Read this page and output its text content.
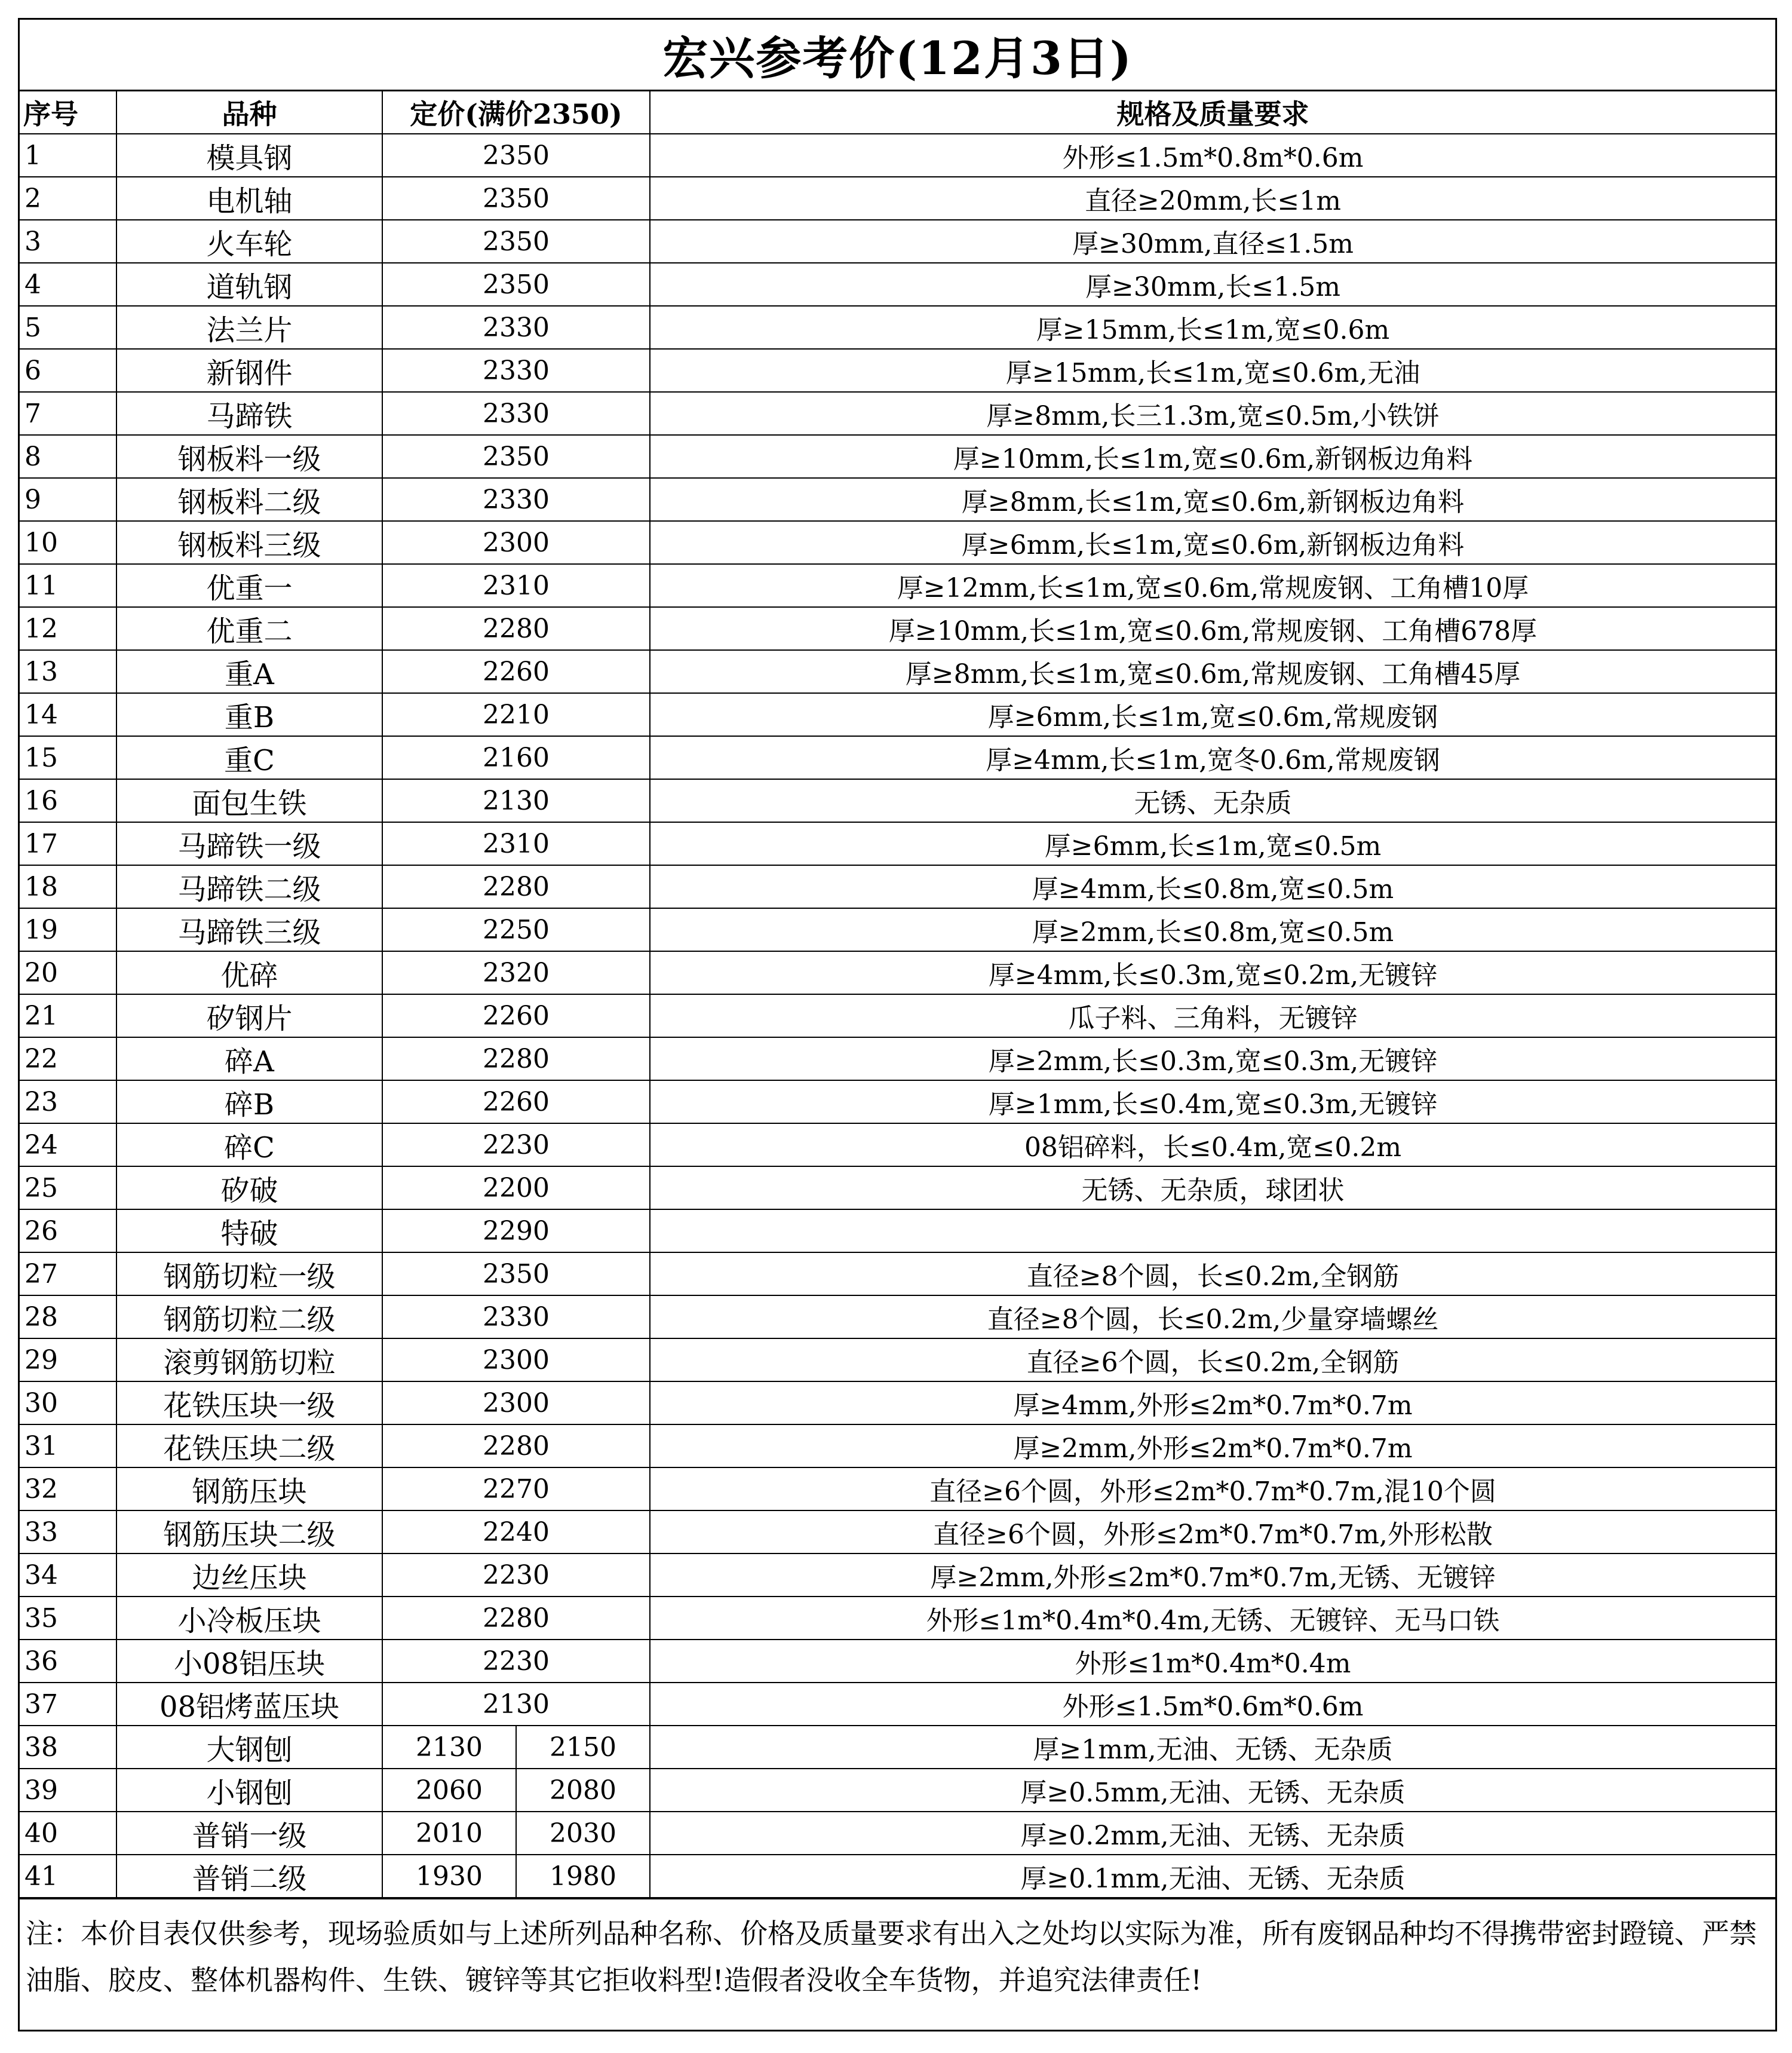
宏兴参考价(12月3日)
序号	品种	定价(满价2350)		规格及质量要求
1	模具钢	2350		外形≤1.5m*0.8m*0.6m
2	电机轴	2350		直径≥20mm,长≤1m
3	火车轮	2350		厚≥30mm,直径≤1.5m
4	道轨钢	2350		厚≥30mm,长≤1.5m
5	法兰片	2330		厚≥15mm,长≤1m,宽≤0.6m
6	新钢件	2330		厚≥15mm,长≤1m,宽≤0.6m,无油
7	马蹄铁	2330		厚≥8mm,长三1.3m,宽≤0.5m,小铁饼
8	钢板料一级	2350		厚≥10mm,长≤1m,宽≤0.6m,新钢板边角料
9	钢板料二级	2330		厚≥8mm,长≤1m,宽≤0.6m,新钢板边角料
10	钢板料三级	2300		厚≥6mm,长≤1m,宽≤0.6m,新钢板边角料
11	优重一	2310		厚≥12mm,长≤1m,宽≤0.6m,常规废钢、工角槽10厚
12	优重二	2280		厚≥10mm,长≤1m,宽≤0.6m,常规废钢、工角槽678厚
13	重A	2260		厚≥8mm,长≤1m,宽≤0.6m,常规废钢、工角槽45厚
14	重B	2210		厚≥6mm,长≤1m,宽≤0.6m,常规废钢
15	重C	2160		厚≥4mm,长≤1m,宽冬0.6m,常规废钢
16	面包生铁	2130		无锈、无杂质
17	马蹄铁一级	2310		厚≥6mm,长≤1m,宽≤0.5m
18	马蹄铁二级	2280		厚≥4mm,长≤0.8m,宽≤0.5m
19	马蹄铁三级	2250		厚≥2mm,长≤0.8m,宽≤0.5m
20	优碎	2320		厚≥4mm,长≤0.3m,宽≤0.2m,无镀锌
21	矽钢片	2260		瓜子料、三角料，无镀锌
22	碎A	2280		厚≥2mm,长≤0.3m,宽≤0.3m,无镀锌
23	碎B	2260		厚≥1mm,长≤0.4m,宽≤0.3m,无镀锌
24	碎C	2230		08铝碎料，长≤0.4m,宽≤0.2m
25	矽破	2200		无锈、无杂质，球团状
26	特破	2290		
27	钢筋切粒一级	2350		直径≥8个圆，长≤0.2m,全钢筋
28	钢筋切粒二级	2330		直径≥8个圆，长≤0.2m,少量穿墙螺丝
29	滚剪钢筋切粒	2300		直径≥6个圆，长≤0.2m,全钢筋
30	花铁压块一级	2300		厚≥4mm,外形≤2m*0.7m*0.7m
31	花铁压块二级	2280		厚≥2mm,外形≤2m*0.7m*0.7m
32	钢筋压块	2270		直径≥6个圆，外形≤2m*0.7m*0.7m,混10个圆
33	钢筋压块二级	2240		直径≥6个圆，外形≤2m*0.7m*0.7m,外形松散
34	边丝压块	2230		厚≥2mm,外形≤2m*0.7m*0.7m,无锈、无镀锌
35	小冷板压块	2280		外形≤1m*0.4m*0.4m,无锈、无镀锌、无马口铁
36	小08铝压块	2230		外形≤1m*0.4m*0.4m
37	08铝烤蓝压块	2130		外形≤1.5m*0.6m*0.6m
38	大钢刨	2130	2150	厚≥1mm,无油、无锈、无杂质
39	小钢刨	2060	2080	厚≥0.5mm,无油、无锈、无杂质
40	普销一级	2010	2030	厚≥0.2mm,无油、无锈、无杂质
41	普销二级	1930	1980	厚≥0.1mm,无油、无锈、无杂质
注：本价目表仅供参考，现场验质如与上述所列品种名称、价格及质量要求有出入之处均以实际为准，所有废钢品种均不得携带密封蹬镜、严禁油脂、胶皮、整体机器构件、生铁、镀锌等其它拒收料型!造假者没收全车货物，并追究法律责任!
